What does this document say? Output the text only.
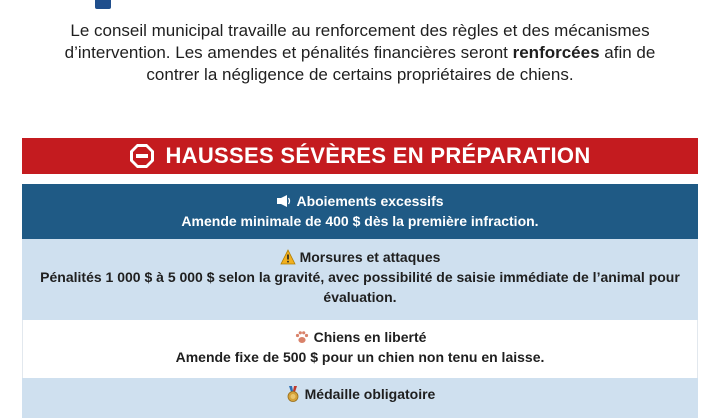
Le conseil municipal travaille au renforcement des règles et des mécanismes d’intervention. Les amendes et pénalités financières seront renforcées afin de contrer la négligence de certains propriétaires de chiens.
HAUSSES SÉVÈRES EN PRÉPARATION
Aboiements excessifs
Amende minimale de 400 $ dès la première infraction.
Morsures et attaques
Pénalités 1 000 $ à 5 000 $ selon la gravité, avec possibilité de saisie immédiate de l’animal pour évaluation.
Chiens en liberté
Amende fixe de 500 $ pour un chien non tenu en laisse.
Médaille obligatoire
